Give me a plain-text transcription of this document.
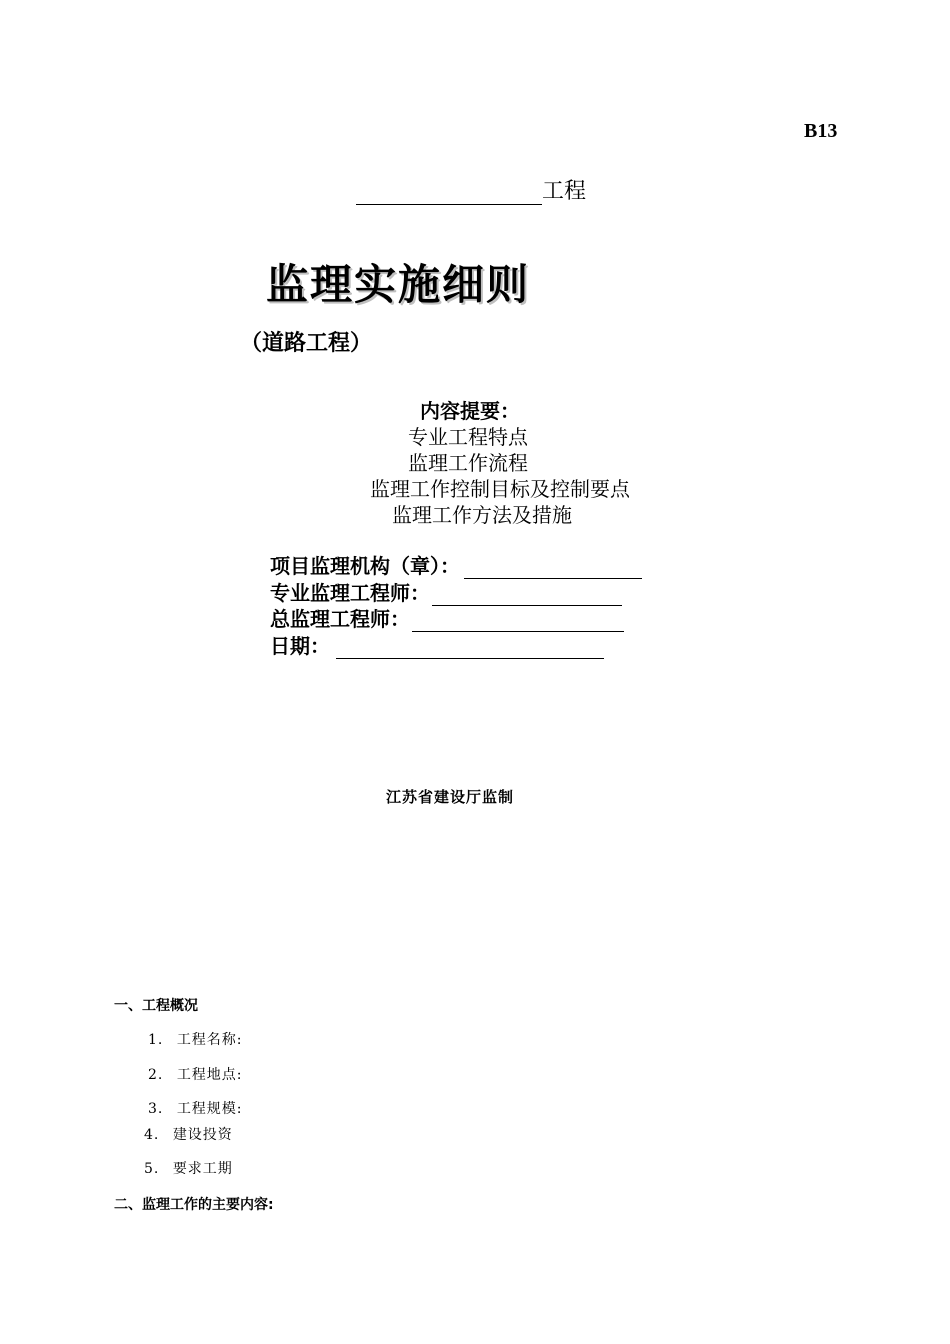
B13
工程
监理实施细则
（道路工程）
内容提要：
专业工程特点
监理工作流程
监理工作控制目标及控制要点
监理工作方法及措施
项目监理机构（章）：
专业监理工程师：
总监理工程师：
日期：
江苏省建设厅监制
一、工程概况
1. 工程名称:
2. 工程地点:
3. 工程规模:
4. 建设投资
5. 要求工期
二、监理工作的主要内容:
